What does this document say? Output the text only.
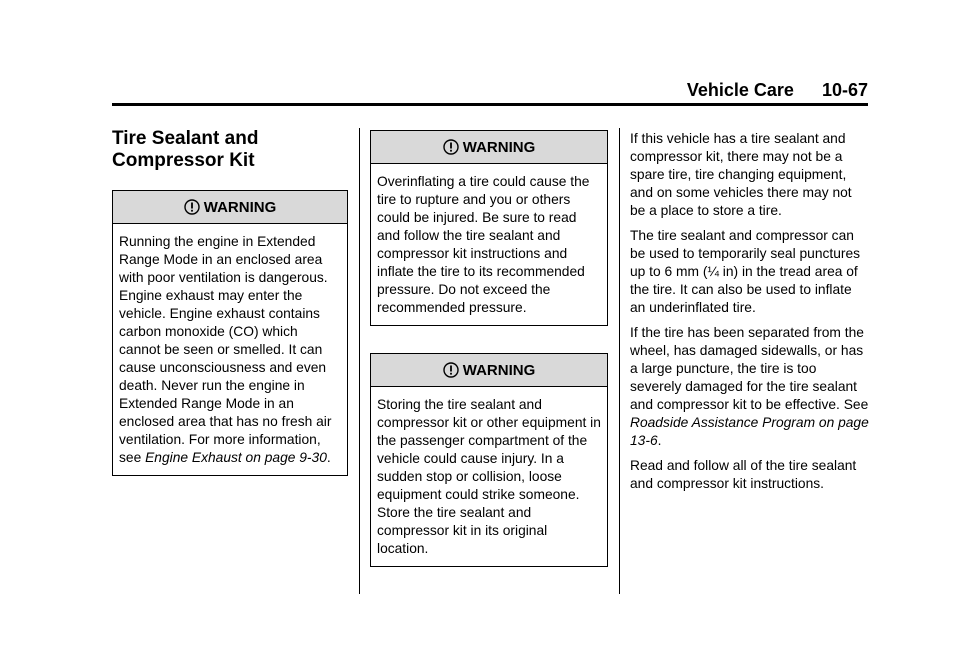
Vehicle Care 10-67
Tire Sealant and
Compressor Kit
WARNING
Running the engine in Extended Range Mode in an enclosed area with poor ventilation is dangerous. Engine exhaust may enter the vehicle. Engine exhaust contains carbon monoxide (CO) which cannot be seen or smelled. It can cause unconsciousness and even death. Never run the engine in Extended Range Mode in an enclosed area that has no fresh air ventilation. For more information, see Engine Exhaust on page 9-30.
WARNING
Overinflating a tire could cause the tire to rupture and you or others could be injured. Be sure to read and follow the tire sealant and compressor kit instructions and inflate the tire to its recommended pressure. Do not exceed the recommended pressure.
WARNING
Storing the tire sealant and compressor kit or other equipment in the passenger compartment of the vehicle could cause injury. In a sudden stop or collision, loose equipment could strike someone. Store the tire sealant and compressor kit in its original location.

If this vehicle has a tire sealant and compressor kit, there may not be a spare tire, tire changing equipment, and on some vehicles there may not be a place to store a tire.

The tire sealant and compressor can be used to temporarily seal punctures up to 6 mm (¼ in) in the tread area of the tire. It can also be used to inflate an underinflated tire.

If the tire has been separated from the wheel, has damaged sidewalls, or has a large puncture, the tire is too severely damaged for the tire sealant and compressor kit to be effective. See Roadside Assistance Program on page 13-6.

Read and follow all of the tire sealant and compressor kit instructions.
